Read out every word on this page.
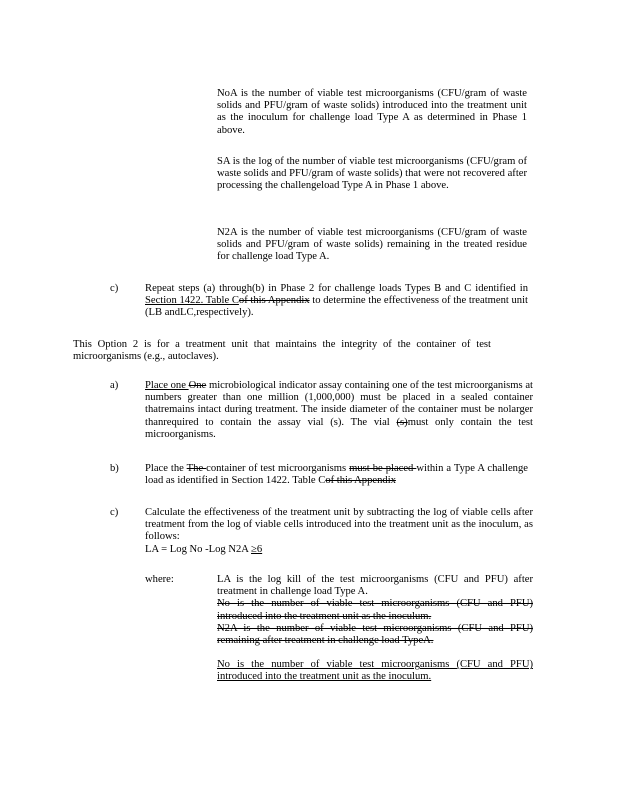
NoA is the number of viable test microorganisms (CFU/gram of waste solids and PFU/gram of waste solids) introduced into the treatment unit as the inoculum for challenge load Type A as determined in Phase 1 above.

SA is the log of the number of viable test microorganisms (CFU/gram of waste solids and PFU/gram of waste solids) that were not recovered after processing the challengeload Type A in Phase 1 above.

N2A is the number of viable test microorganisms (CFU/gram of waste solids and PFU/gram of waste solids) remaining in the treated residue for challenge load Type A.

c)	Repeat steps (a) through(b) in Phase 2 for challenge loads Types B and C identified in Section 1422. Table Cof this Appendix to determine the effectiveness of the treatment unit (LB andLC,respectively).

This Option 2 is for a treatment unit that maintains the integrity of the container of test microorganisms (e.g., autoclaves).

a)	Place one One microbiological indicator assay containing one of the test microorganisms at numbers greater than one million (1,000,000) must be placed in a sealed container thatremains intact during treatment. The inside diameter of the container must be nolarger thanrequired to contain the assay vial (s). The vial (s)must only contain the test microorganisms.

b) Place the The container of test microorganisms must be placed within a Type A challenge load as identified in Section 1422. Table Cof this Appendix

c)	Calculate the effectiveness of the treatment unit by subtracting the log of viable cells after treatment from the log of viable cells introduced into the treatment unit as the inoculum, as follows:

LA = Log No -Log N2A ≥6

where:	LA is the log kill of the test microorganisms (CFU and PFU) after treatment in challenge load Type A.

No is the number of viable test microorganisms (CFU and PFU) introduced into the treatment unit as the inoculum.

N2A is the number of viable test microorganisms (CFU and PFU) remaining after treatment in challenge load TypeA.

No is the number of viable test microorganisms (CFU and PFU) introduced into the treatment unit as the inoculum.
